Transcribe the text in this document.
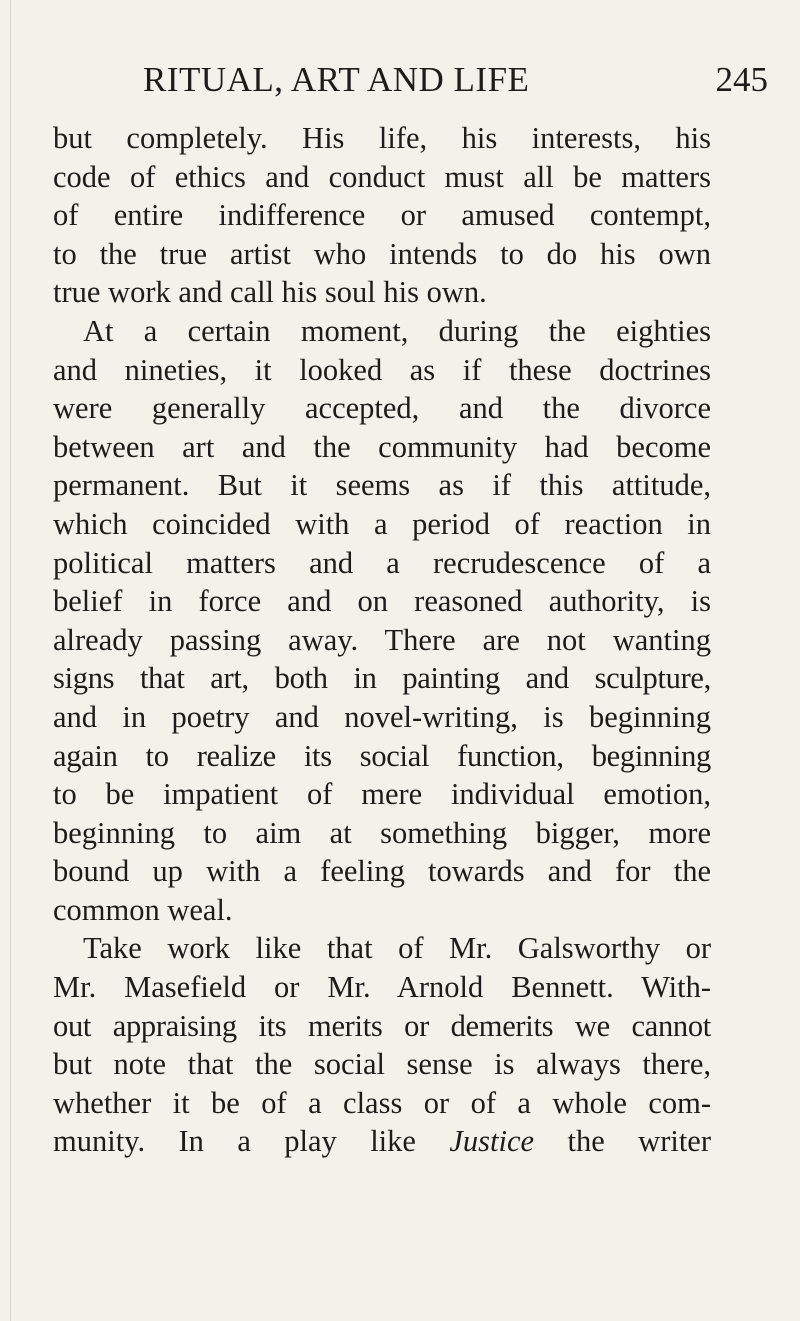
RITUAL, ART AND LIFE	245
but completely. His life, his interests, his
code of ethics and conduct must all be matters
of entire indifference or amused contempt,
to the true artist who intends to do his own
true work and call his soul his own.
At a certain moment, during the eighties
and nineties, it looked as if these doctrines
were generally accepted, and the divorce
between art and the community had become
permanent. But it seems as if this attitude,
which coincided with a period of reaction in
political matters and a recrudescence of a
belief in force and on reasoned authority, is
already passing away. There are not wanting
signs that art, both in painting and sculpture,
and in poetry and novel-writing, is beginning
again to realize its social function, beginning
to be impatient of mere individual emotion,
beginning to aim at something bigger, more
bound up with a feeling towards and for the
common weal.
Take work like that of Mr. Galsworthy or
Mr. Masefield or Mr. Arnold Bennett. With-
out appraising its merits or demerits we cannot
but note that the social sense is always there,
whether it be of a class or of a whole com-
munity. In a play like Justice the writer
